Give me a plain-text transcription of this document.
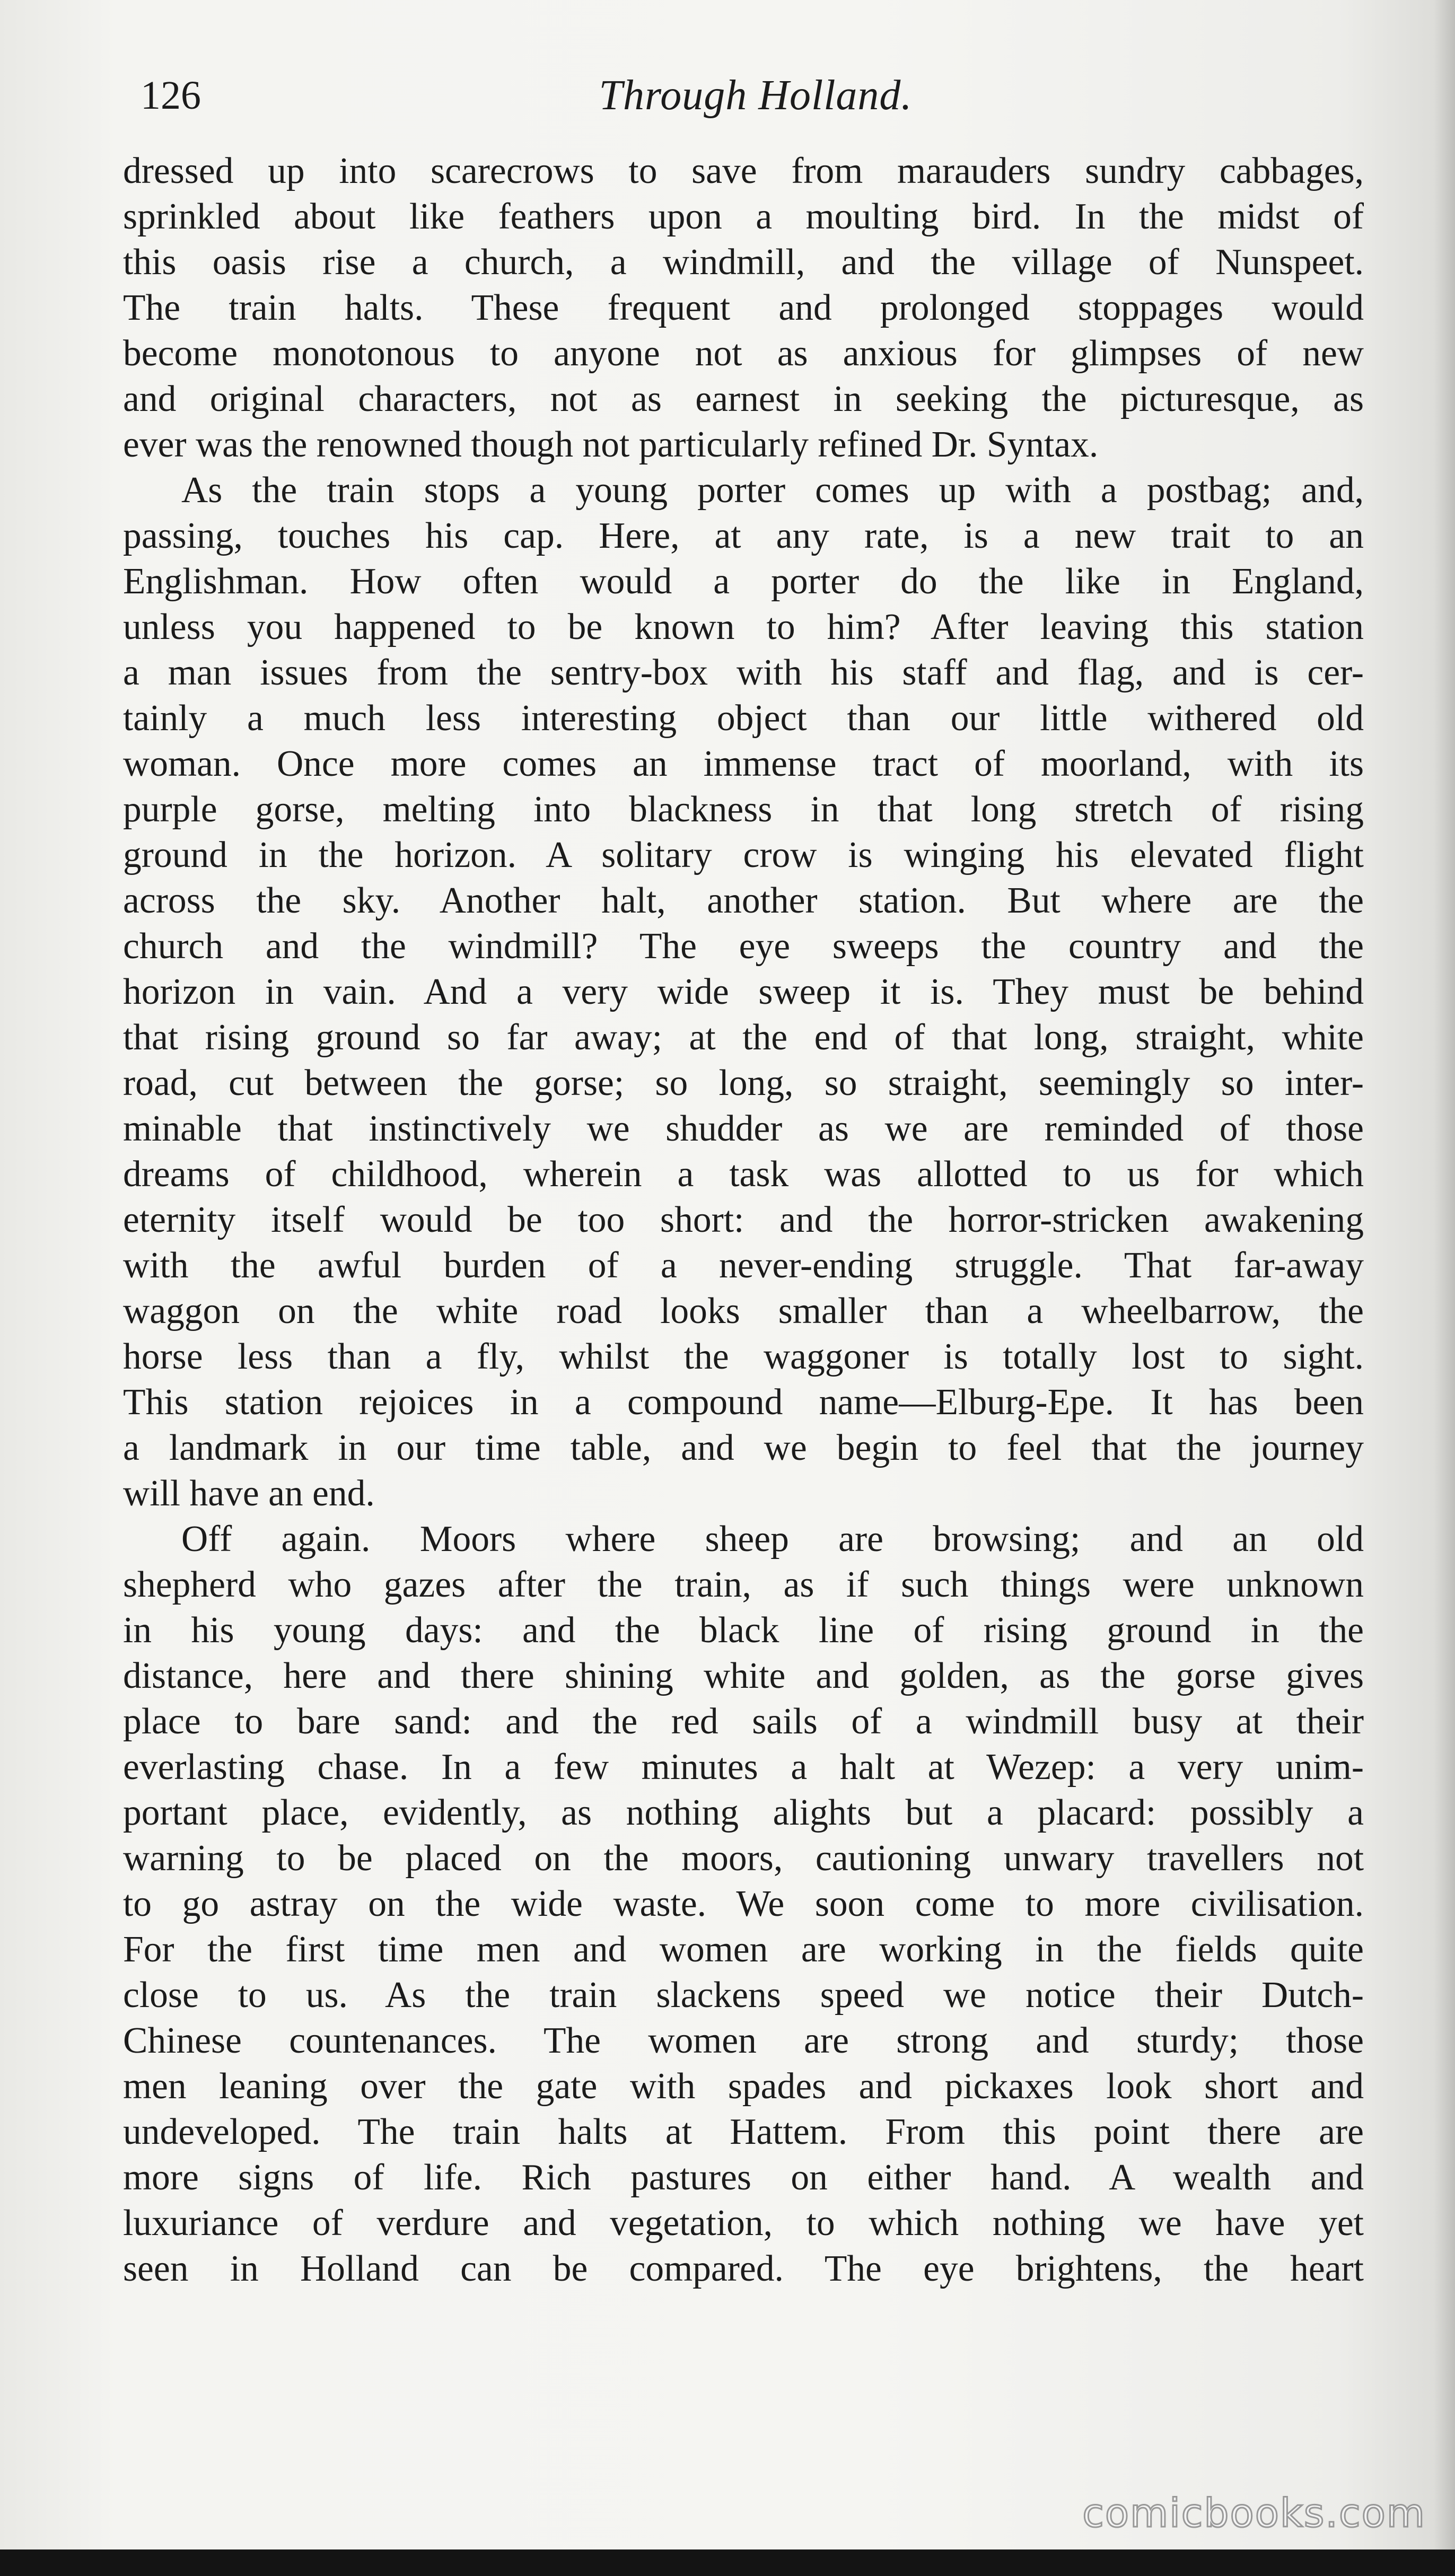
126	Through Holland.
dressed up into scarecrows to save from marauders sundry cabbages,
sprinkled about like feathers upon a moulting bird. In the midst of
this oasis rise a church, a windmill, and the village of Nunspeet.
The train halts. These frequent and prolonged stoppages would
become monotonous to anyone not as anxious for glimpses of new
and original characters, not as earnest in seeking the picturesque, as
ever was the renowned though not particularly refined Dr. Syntax.
As the train stops a young porter comes up with a postbag; and,
passing, touches his cap. Here, at any rate, is a new trait to an
Englishman. How often would a porter do the like in England,
unless you happened to be known to him? After leaving this station
a man issues from the sentry-box with his staff and flag, and is cer-
tainly a much less interesting object than our little withered old
woman. Once more comes an immense tract of moorland, with its
purple gorse, melting into blackness in that long stretch of rising
ground in the horizon. A solitary crow is winging his elevated flight
across the sky. Another halt, another station. But where are the
church and the windmill? The eye sweeps the country and the
horizon in vain. And a very wide sweep it is. They must be behind
that rising ground so far away; at the end of that long, straight, white
road, cut between the gorse; so long, so straight, seemingly so inter-
minable that instinctively we shudder as we are reminded of those
dreams of childhood, wherein a task was allotted to us for which
eternity itself would be too short: and the horror-stricken awakening
with the awful burden of a never-ending struggle. That far-away
waggon on the white road looks smaller than a wheelbarrow, the
horse less than a fly, whilst the waggoner is totally lost to sight.
This station rejoices in a compound name—Elburg-Epe. It has been
a landmark in our time table, and we begin to feel that the journey
will have an end.
Off again. Moors where sheep are browsing; and an old
shepherd who gazes after the train, as if such things were unknown
in his young days: and the black line of rising ground in the
distance, here and there shining white and golden, as the gorse gives
place to bare sand: and the red sails of a windmill busy at their
everlasting chase. In a few minutes a halt at Wezep: a very unim-
portant place, evidently, as nothing alights but a placard: possibly a
warning to be placed on the moors, cautioning unwary travellers not
to go astray on the wide waste. We soon come to more civilisation.
For the first time men and women are working in the fields quite
close to us. As the train slackens speed we notice their Dutch-
Chinese countenances. The women are strong and sturdy; those
men leaning over the gate with spades and pickaxes look short and
undeveloped. The train halts at Hattem. From this point there are
more signs of life. Rich pastures on either hand. A wealth and
luxuriance of verdure and vegetation, to which nothing we have yet
seen in Holland can be compared. The eye brightens, the heart
comicbooks.com
